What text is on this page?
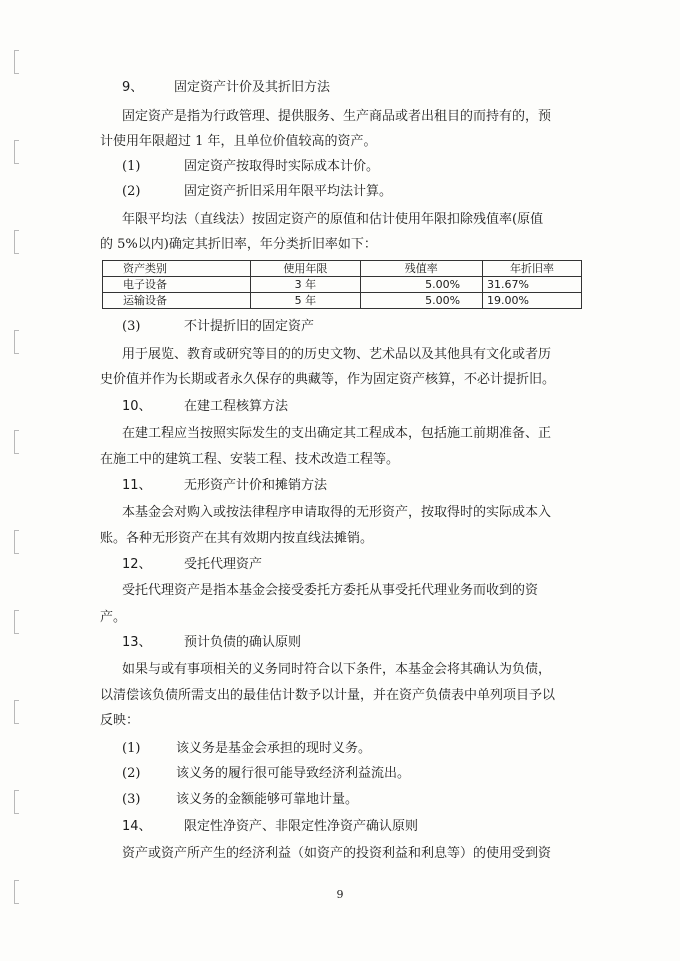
9、 固定资产计价及其折旧方法
固定资产是指为行政管理、提供服务、生产商品或者出租目的而持有的，预
计使用年限超过 1 年，且单位价值较高的资产。
(1)	固定资产按取得时实际成本计价。
(2)	固定资产折旧采用年限平均法计算。
年限平均法（直线法）按固定资产的原值和估计使用年限扣除残值率(原值
的 5%以内)确定其折旧率，年分类折旧率如下：
资产类别	使用年限	残值率	年折旧率
电子设备	3 年	5.00%	31.67%
运输设备	5 年	5.00%	19.00%
(3)	不计提折旧的固定资产
用于展览、教育或研究等目的的历史文物、艺术品以及其他具有文化或者历
史价值并作为长期或者永久保存的典藏等，作为固定资产核算，不必计提折旧。
10、 在建工程核算方法
在建工程应当按照实际发生的支出确定其工程成本，包括施工前期准备、正
在施工中的建筑工程、安装工程、技术改造工程等。
11、 无形资产计价和摊销方法
本基金会对购入或按法律程序申请取得的无形资产，按取得时的实际成本入
账。各种无形资产在其有效期内按直线法摊销。
12、 受托代理资产
受托代理资产是指本基金会接受委托方委托从事受托代理业务而收到的资
产。
13、 预计负债的确认原则
如果与或有事项相关的义务同时符合以下条件，本基金会将其确认为负债，
以清偿该负债所需支出的最佳估计数予以计量，并在资产负债表中单列项目予以
反映：
(1)	该义务是基金会承担的现时义务。
(2)	该义务的履行很可能导致经济利益流出。
(3)	该义务的金额能够可靠地计量。
14、 限定性净资产、非限定性净资产确认原则
资产或资产所产生的经济利益（如资产的投资利益和利息等）的使用受到资
9
